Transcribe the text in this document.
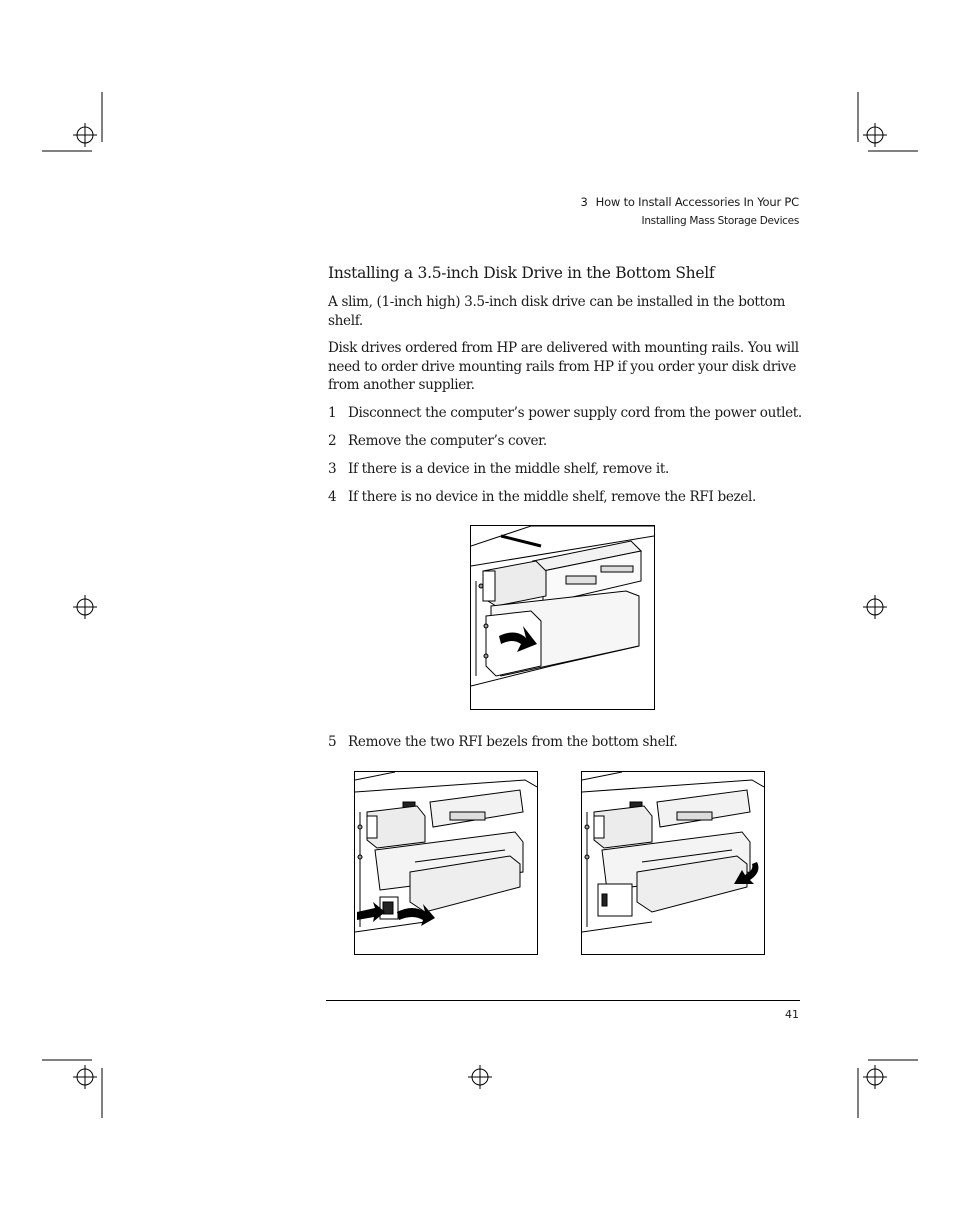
3 How to Install Accessories In Your PC
Installing Mass Storage Devices
Installing a 3.5-inch Disk Drive in the Bottom Shelf
A slim, (1-inch high) 3.5-inch disk drive can be installed in the bottom shelf.
Disk drives ordered from HP are delivered with mounting rails. You will need to order drive mounting rails from HP if you order your disk drive from another supplier.
1 Disconnect the computer’s power supply cord from the power outlet.
2 Remove the computer’s cover.
3 If there is a device in the middle shelf, remove it.
4 If there is no device in the middle shelf, remove the RFI bezel.
5 Remove the two RFI bezels from the bottom shelf.
41
